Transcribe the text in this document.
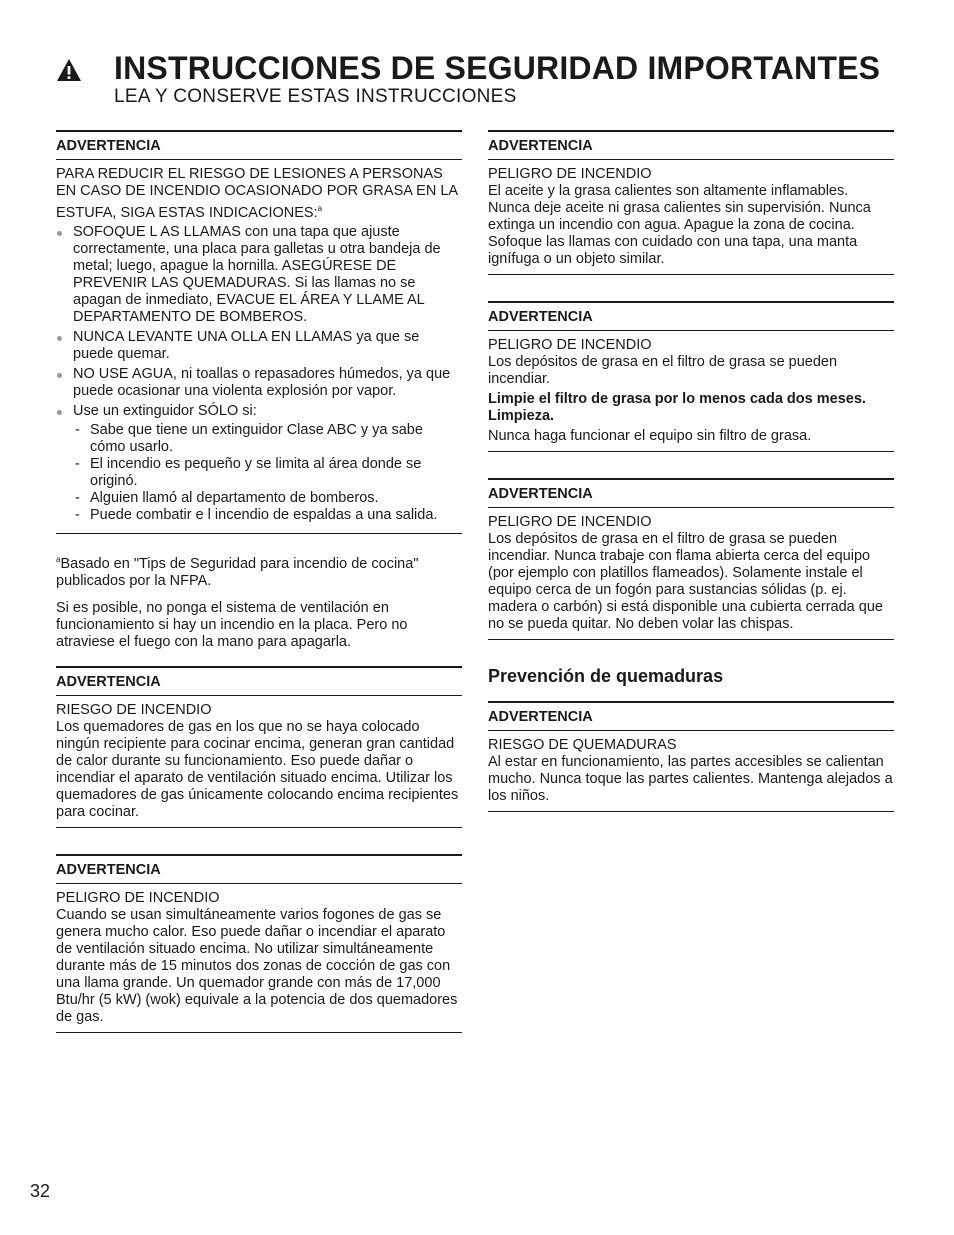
INSTRUCCIONES DE SEGURIDAD IMPORTANTES
LEA Y CONSERVE ESTAS INSTRUCCIONES
ADVERTENCIA

PARA REDUCIR EL RIESGO DE LESIONES A PERSONAS EN CASO DE INCENDIO OCASIONADO POR GRASA EN LA ESTUFA, SIGA ESTAS INDICACIONES:$^a$

SOFOQUE L AS LLAMAS con una tapa que ajuste correctamente, una placa para galletas u otra bandeja de metal; luego, apague la hornilla. ASEGÚRESE DE PREVENIR LAS QUEMADURAS. Si las llamas no se apagan de inmediato, EVACUE EL ÁREA Y LLAME AL DEPARTAMENTO DE BOMBEROS.
NUNCA LEVANTE UNA OLLA EN LLAMAS ya que se puede quemar.
NO USE AGUA, ni toallas o repasadores húmedos, ya que puede ocasionar una violenta explosión por vapor.
Use un extinguidor SÓLO si:
- Sabe que tiene un extinguidor Clase ABC y ya sabe cómo usarlo.
- El incendio es pequeño y se limita al área donde se originó.
- Alguien llamó al departamento de bomberos.
- Puede combatir e l incendio de espaldas a una salida.

$^a$Basado en "Tips de Seguridad para incendio de cocina" publicados por la NFPA.

Si es posible, no ponga el sistema de ventilación en funcionamiento si hay un incendio en la placa. Pero no atraviese el fuego con la mano para apagarla.

ADVERTENCIA
RIESGO DE INCENDIO

Los quemadores de gas en los que no se haya colocado ningún recipiente para cocinar encima, generan gran cantidad de calor durante su funcionamiento. Eso puede dañar o incendiar el aparato de ventilación situado encima. Utilizar los quemadores de gas únicamente colocando encima recipientes para cocinar.

ADVERTENCIA
PELIGRO DE INCENDIO

Cuando se usan simultáneamente varios fogones de gas se genera mucho calor. Eso puede dañar o incendiar el aparato de ventilación situado encima. No utilizar simultáneamente durante más de 15 minutos dos zonas de cocción de gas con una llama grande. Un quemador grande con más de 17,000 Btu/hr (5 kW) (wok) equivale a la potencia de dos quemadores de gas.

ADVERTENCIA
PELIGRO DE INCENDIO

El aceite y la grasa calientes son altamente inflamables. Nunca deje aceite ni grasa calientes sin supervisión. Nunca extinga un incendio con agua. Apague la zona de cocina. Sofoque las llamas con cuidado con una tapa, una manta ignífuga o un objeto similar.

ADVERTENCIA
PELIGRO DE INCENDIO

Los depósitos de grasa en el filtro de grasa se pueden incendiar.

Limpie el filtro de grasa por lo menos cada dos meses. Limpieza.

Nunca haga funcionar el equipo sin filtro de grasa.

ADVERTENCIA
PELIGRO DE INCENDIO

Los depósitos de grasa en el filtro de grasa se pueden incendiar. Nunca trabaje con flama abierta cerca del equipo (por ejemplo con platillos flameados). Solamente instale el equipo cerca de un fogón para sustancias sólidas (p. ej. madera o carbón) si está disponible una cubierta cerrada que no se pueda quitar. No deben volar las chispas.

Prevención de quemaduras
ADVERTENCIA
RIESGO DE QUEMADURAS

Al estar en funcionamiento, las partes accesibles se calientan mucho. Nunca toque las partes calientes. Mantenga alejados a los niños.

32
